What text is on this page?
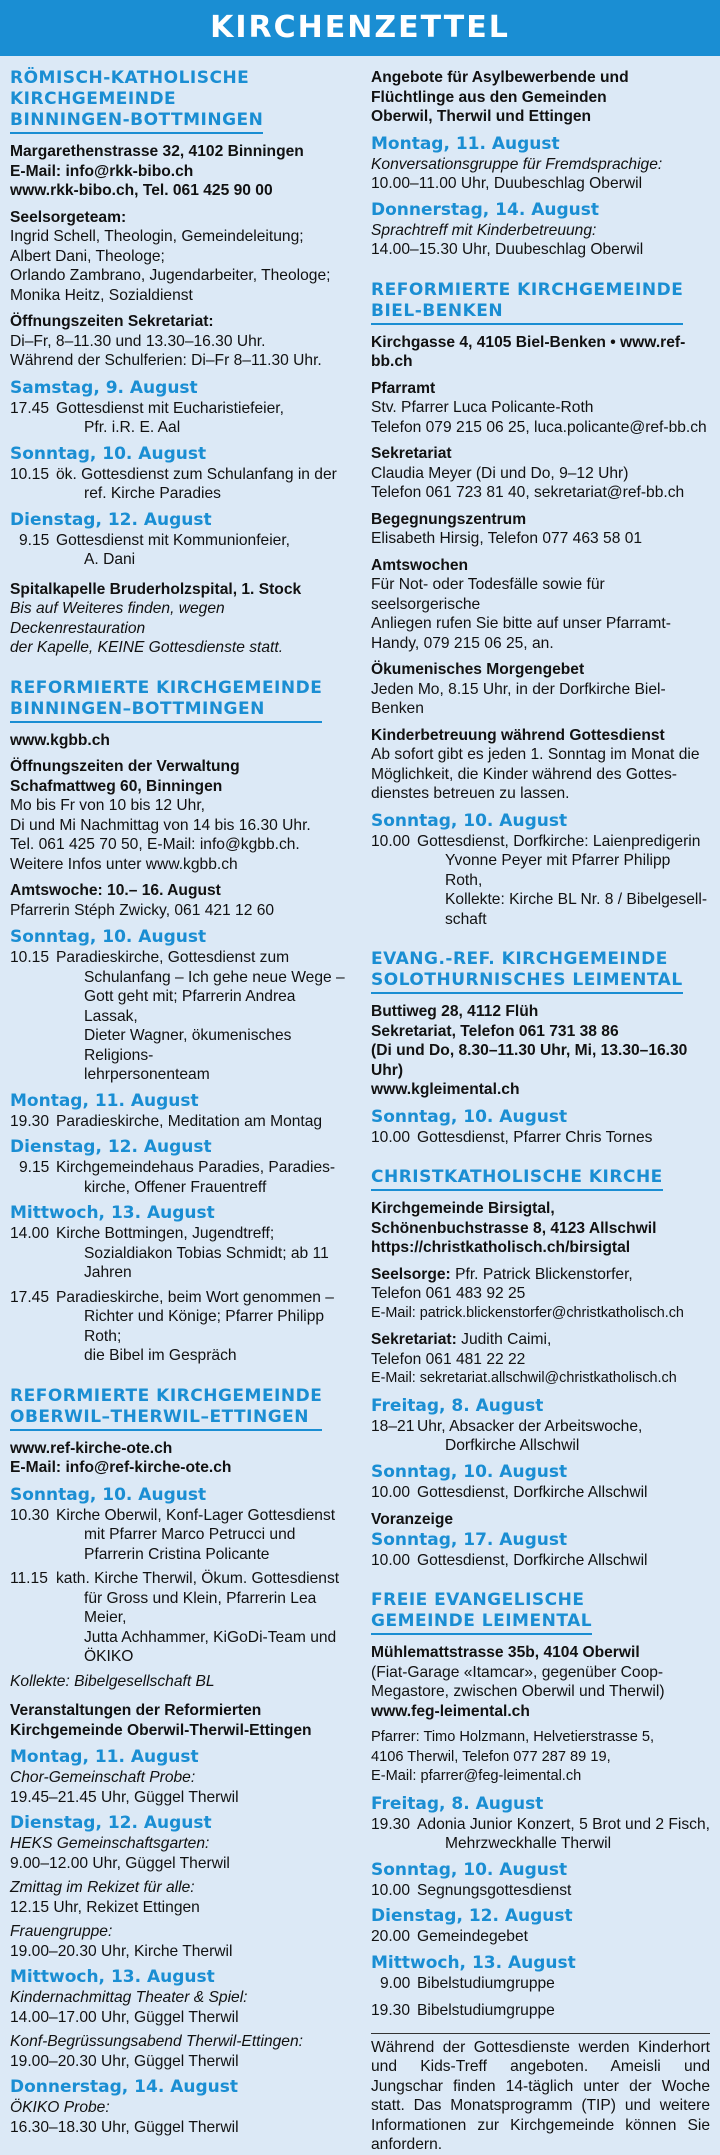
KIRCHENZETTEL
RÖMISCH-KATHOLISCHE
KIRCHGEMEINDE
BINNINGEN-BOTTMINGEN
Margarethenstrasse 32, 4102 Binningen
E-Mail: info@rkk-bibo.ch
www.rkk-bibo.ch, Tel. 061 425 90 00
Seelsorgeteam:
Ingrid Schell, Theologin, Gemeindeleitung;
Albert Dani, Theologe;
Orlando Zambrano, Jugendarbeiter, Theologe;
Monika Heitz, Sozialdienst
Öffnungszeiten Sekretariat:
Di–Fr, 8–11.30 und 13.30–16.30 Uhr.
Während der Schulferien: Di–Fr 8–11.30 Uhr.
Samstag, 9. August
17.45 Gottesdienst mit Eucharistiefeier,
Pfr. i.R. E. Aal
Sonntag, 10. August
10.15 ök. Gottesdienst zum Schulanfang in der
ref. Kirche Paradies
Dienstag, 12. August
9.15 Gottesdienst mit Kommunionfeier,
A. Dani
Spitalkapelle Bruderholzspital, 1. Stock
Bis auf Weiteres finden, wegen Deckenrestauration
der Kapelle, KEINE Gottesdienste statt.
REFORMIERTE KIRCHGEMEINDE
BINNINGEN–BOTTMINGEN
www.kgbb.ch
Öffnungszeiten der Verwaltung
Schafmattweg 60, Binningen
Mo bis Fr von 10 bis 12 Uhr,
Di und Mi Nachmittag von 14 bis 16.30 Uhr.
Tel. 061 425 70 50, E-Mail: info@kgbb.ch.
Weitere Infos unter www.kgbb.ch
Amtswoche: 10.– 16. August
Pfarrerin Stéph Zwicky, 061 421 12 60
Sonntag, 10. August
10.15 Paradieskirche, Gottesdienst zum
Schulanfang – Ich gehe neue Wege –
Gott geht mit; Pfarrerin Andrea Lassak,
Dieter Wagner, ökumenisches Religions-
lehrpersonenteam
Montag, 11. August
19.30 Paradieskirche, Meditation am Montag
Dienstag, 12. August
9.15 Kirchgemeindehaus Paradies, Paradies-
kirche, Offener Frauentreff
Mittwoch, 13. August
14.00 Kirche Bottmingen, Jugendtreff;
Sozialdiakon Tobias Schmidt; ab 11 Jahren
17.45 Paradieskirche, beim Wort genommen –
Richter und Könige; Pfarrer Philipp Roth;
die Bibel im Gespräch
REFORMIERTE KIRCHGEMEINDE
OBERWIL–THERWIL–ETTINGEN
www.ref-kirche-ote.ch
E-Mail: info@ref-kirche-ote.ch
Sonntag, 10. August
10.30 Kirche Oberwil, Konf-Lager Gottesdienst
mit Pfarrer Marco Petrucci und
Pfarrerin Cristina Policante
11.15 kath. Kirche Therwil, Ökum. Gottesdienst
für Gross und Klein, Pfarrerin Lea Meier,
Jutta Achhammer, KiGoDi-Team und ÖKIKO
Kollekte: Bibelgesellschaft BL
Veranstaltungen der Reformierten
Kirchgemeinde Oberwil-Therwil-Ettingen
Montag, 11. August
Chor-Gemeinschaft Probe:
19.45–21.45 Uhr, Güggel Therwil
Dienstag, 12. August
HEKS Gemeinschaftsgarten:
9.00–12.00 Uhr, Güggel Therwil
Zmittag im Rekizet für alle:
12.15 Uhr, Rekizet Ettingen
Frauengruppe:
19.00–20.30 Uhr, Kirche Therwil
Mittwoch, 13. August
Kindernachmittag Theater & Spiel:
14.00–17.00 Uhr, Güggel Therwil
Konf-Begrüssungsabend Therwil-Ettingen:
19.00–20.30 Uhr, Güggel Therwil
Donnerstag, 14. August
ÖKIKO Probe:
16.30–18.30 Uhr, Güggel Therwil
Angebote für Asylbewerbende und
Flüchtlinge aus den Gemeinden
Oberwil, Therwil und Ettingen
Montag, 11. August
Konversationsgruppe für Fremdsprachige:
10.00–11.00 Uhr, Duubeschlag Oberwil
Donnerstag, 14. August
Sprachtreff mit Kinderbetreuung:
14.00–15.30 Uhr, Duubeschlag Oberwil
REFORMIERTE KIRCHGEMEINDE
BIEL-BENKEN
Kirchgasse 4, 4105 Biel-Benken • www.ref-bb.ch
Pfarramt
Stv. Pfarrer Luca Policante-Roth
Telefon 079 215 06 25, luca.policante@ref-bb.ch
Sekretariat
Claudia Meyer (Di und Do, 9–12 Uhr)
Telefon 061 723 81 40, sekretariat@ref-bb.ch
Begegnungszentrum
Elisabeth Hirsig, Telefon 077 463 58 01
Amtswochen
Für Not- oder Todesfälle sowie für seelsorgerische
Anliegen rufen Sie bitte auf unser Pfarramt-
Handy, 079 215 06 25, an.
Ökumenisches Morgengebet
Jeden Mo, 8.15 Uhr, in der Dorfkirche Biel-Benken
Kinderbetreuung während Gottesdienst
Ab sofort gibt es jeden 1. Sonntag im Monat die
Möglichkeit, die Kinder während des Gottes-
dienstes betreuen zu lassen.
Sonntag, 10. August
10.00 Gottesdienst, Dorfkirche: Laienpredigerin
Yvonne Peyer mit Pfarrer Philipp Roth,
Kollekte: Kirche BL Nr. 8 / Bibelgesell-
schaft
EVANG.-REF. KIRCHGEMEINDE
SOLOTHURNISCHES LEIMENTAL
Buttiweg 28, 4112 Flüh
Sekretariat, Telefon 061 731 38 86
(Di und Do, 8.30–11.30 Uhr, Mi, 13.30–16.30 Uhr)
www.kgleimental.ch
Sonntag, 10. August
10.00 Gottesdienst, Pfarrer Chris Tornes
CHRISTKATHOLISCHE KIRCHE
Kirchgemeinde Birsigtal,
Schönenbuchstrasse 8, 4123 Allschwil
https://christkatholisch.ch/birsigtal
Seelsorge: Pfr. Patrick Blickenstorfer,
Telefon 061 483 92 25
E-Mail: patrick.blickenstorfer@christkatholisch.ch
Sekretariat: Judith Caimi,
Telefon 061 481 22 22
E-Mail: sekretariat.allschwil@christkatholisch.ch
Freitag, 8. August
18–21 Uhr, Absacker der Arbeitswoche,
Dorfkirche Allschwil
Sonntag, 10. August
10.00 Gottesdienst, Dorfkirche Allschwil
Voranzeige
Sonntag, 17. August
10.00 Gottesdienst, Dorfkirche Allschwil
FREIE EVANGELISCHE
GEMEINDE LEIMENTAL
Mühlemattstrasse 35b, 4104 Oberwil
(Fiat-Garage «Itamcar», gegenüber Coop-
Megastore, zwischen Oberwil und Therwil)
www.feg-leimental.ch
Pfarrer: Timo Holzmann, Helvetierstrasse 5,
4106 Therwil, Telefon 077 287 89 19,
E-Mail: pfarrer@feg-leimental.ch
Freitag, 8. August
19.30 Adonia Junior Konzert, 5 Brot und 2 Fisch,
Mehrzweckhalle Therwil
Sonntag, 10. August
10.00 Segnungsgottesdienst
Dienstag, 12. August
20.00 Gemeindegebet
Mittwoch, 13. August
9.00 Bibelstudiumgruppe
19.30 Bibelstudiumgruppe
Während der Gottesdienste werden Kinderhort und Kids-Treff angeboten. Ameisli und Jungschar finden 14-täglich unter der Woche statt. Das Monatsprogramm (TIP) und weitere Informationen zur Kirchgemeinde können Sie anfordern.
